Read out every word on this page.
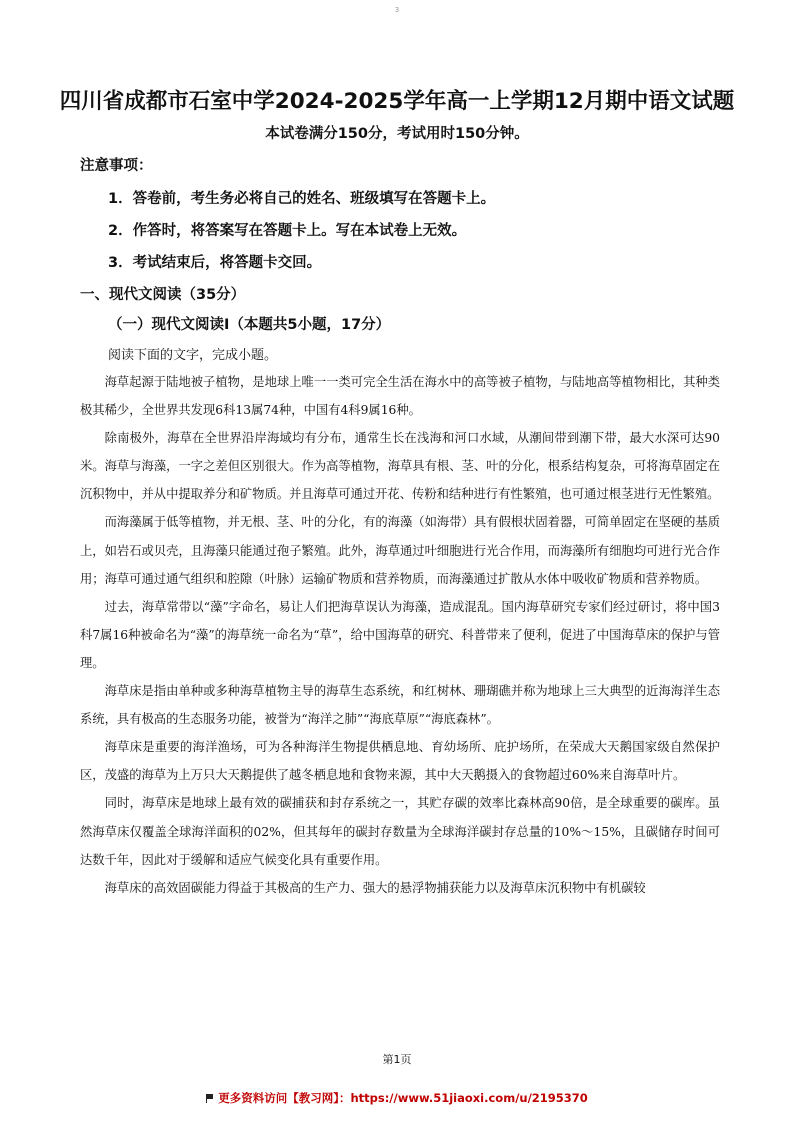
3
四川省成都市石室中学2024-2025学年高一上学期12月期中语文试题
本试卷满分150分，考试用时150分钟。
注意事项：
1．答卷前，考生务必将自己的姓名、班级填写在答题卡上。
2．作答时，将答案写在答题卡上。写在本试卷上无效。
3．考试结束后，将答题卡交回。
一、现代文阅读（35分）
（一）现代文阅读Ⅰ（本题共5小题，17分）
阅读下面的文字，完成小题。

海草起源于陆地被子植物，是地球上唯一一类可完全生活在海水中的高等被子植物，与陆地高等植物相比，其种类极其稀少，全世界共发现6科13属74种，中国有4科9属16种。

除南极外，海草在全世界沿岸海域均有分布，通常生长在浅海和河口水域，从潮间带到潮下带，最大水深可达90米。海草与海藻，一字之差但区别很大。作为高等植物，海草具有根、茎、叶的分化，根系结构复杂，可将海草固定在沉积物中，并从中提取养分和矿物质。并且海草可通过开花、传粉和结种进行有性繁殖，也可通过根茎进行无性繁殖。

而海藻属于低等植物，并无根、茎、叶的分化，有的海藻（如海带）具有假根状固着器，可简单固定在坚硬的基质上，如岩石或贝壳，且海藻只能通过孢子繁殖。此外，海草通过叶细胞进行光合作用，而海藻所有细胞均可进行光合作用；海草可通过通气组织和腔隙（叶脉）运输矿物质和营养物质，而海藻通过扩散从水体中吸收矿物质和营养物质。

过去，海草常带以“藻”字命名，易让人们把海草误认为海藻，造成混乱。国内海草研究专家们经过研讨，将中国3科7属16种被命名为“藻”的海草统一命名为“草”，给中国海草的研究、科普带来了便利，促进了中国海草床的保护与管理。

海草床是指由单种或多种海草植物主导的海草生态系统，和红树林、珊瑚礁并称为地球上三大典型的近海海洋生态系统，具有极高的生态服务功能，被誉为“海洋之肺”“海底草原”“海底森林”。

海草床是重要的海洋渔场，可为各种海洋生物提供栖息地、育幼场所、庇护场所，在荣成大天鹅国家级自然保护区，茂盛的海草为上万只大天鹅提供了越冬栖息地和食物来源，其中大天鹅摄入的食物超过60%来自海草叶片。

同时，海草床是地球上最有效的碳捕获和封存系统之一，其贮存碳的效率比森林高90倍，是全球重要的碳库。虽然海草床仅覆盖全球海洋面积的02%，但其每年的碳封存数量为全球海洋碳封存总量的10%～15%，且碳储存时间可达数千年，因此对于缓解和适应气候变化具有重要作用。

海草床的高效固碳能力得益于其极高的生产力、强大的悬浮物捕获能力以及海草床沉积物中有机碳较

第1页
更多资料访问【教习网】：https://www.51jiaoxi.com/u/2195370
